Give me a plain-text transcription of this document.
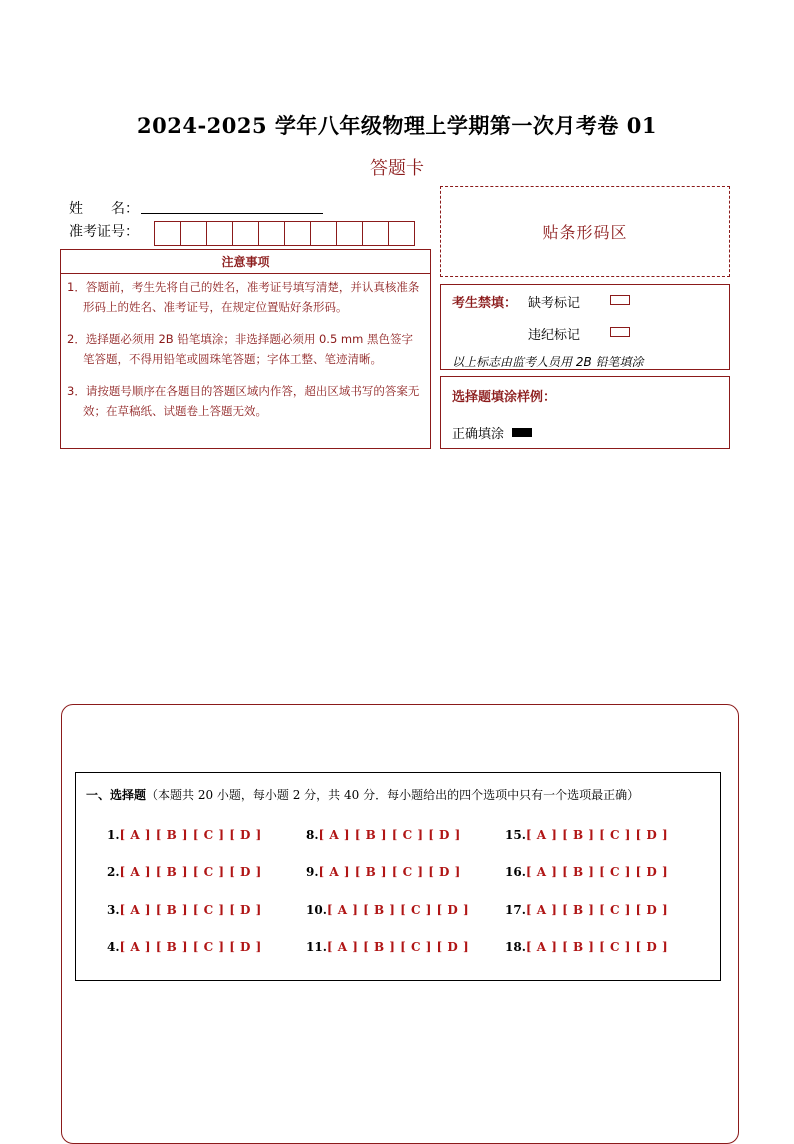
2024-2025 学年八年级物理上学期第一次月考卷 01
答题卡
姓　　名：
准考证号：	贴条形码区
注意事项
1．答题前，考生先将自己的姓名，准考证号填写清楚，并认真核准条形码上的姓名、准考证号，在规定位置贴好条形码。
2．选择题必须用 2B 铅笔填涂；非选择题必须用 0.5 mm 黑色签字笔答题，不得用铅笔或圆珠笔答题；字体工整、笔迹清晰。
3．请按题号顺序在各题目的答题区域内作答，超出区域书写的答案无效；在草稿纸、试题卷上答题无效。
考生禁填： 缺考标记
违纪标记
以上标志由监考人员用 2B 铅笔填涂
选择题填涂样例：
正确填涂
一、选择题（本题共 20 小题，每小题 2 分，共 40 分．每小题给出的四个选项中只有一个选项最正确）
1.[ A ] [ B ] [ C ] [ D ]
2.[ A ] [ B ] [ C ] [ D ]
3.[ A ] [ B ] [ C ] [ D ]
4.[ A ] [ B ] [ C ] [ D ]
8.[ A ] [ B ] [ C ] [ D ]
9.[ A ] [ B ] [ C ] [ D ]
10.[ A ] [ B ] [ C ] [ D ]
11.[ A ] [ B ] [ C ] [ D ]
15.[ A ] [ B ] [ C ] [ D ]
16.[ A ] [ B ] [ C ] [ D ]
17.[ A ] [ B ] [ C ] [ D ]
18.[ A ] [ B ] [ C ] [ D ]
